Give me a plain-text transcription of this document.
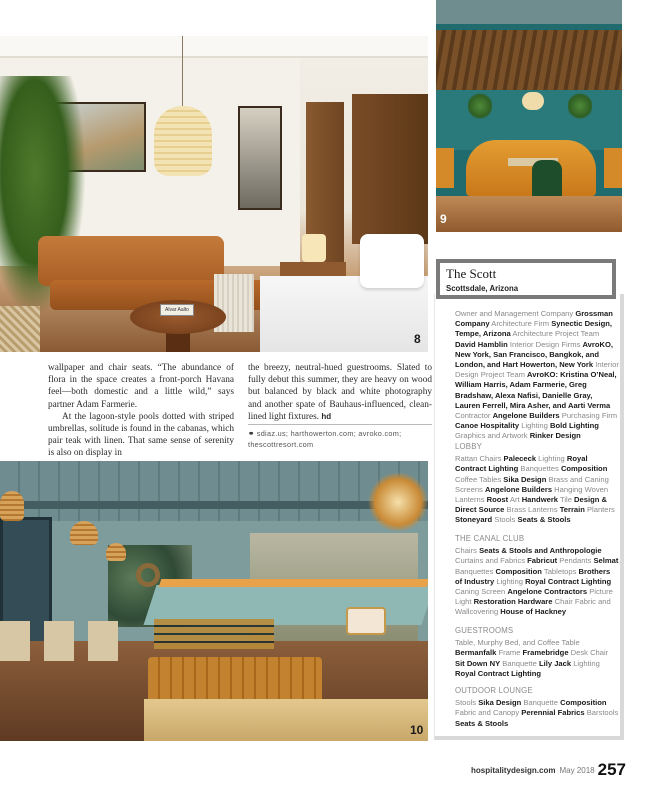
Alvar Aalto
8
9
10

wallpaper and chair seats. “The abundance of flora in the space creates a front-porch Havana feel—both domestic and a little wild,” says partner Adam Farmerie.

At the lagoon-style pools dotted with striped umbrellas, solitude is found in the cabanas, which pair teak with linen. That same sense of serenity is also on display in

the breezy, neutral-hued guestrooms. Slated to fully debut this summer, they are heavy on wood but balanced by black and white photography and another spate of Bauhaus-influenced, clean-lined light fixtures. hd

⚭ sdiaz.us; harthowerton.com; avroko.com; thescottresort.com
The Scott
Scottsdale, Arizona
Owner and Management Company Grossman Company Architecture Firm Synectic Design, Tempe, Arizona Architecture Project Team David Hamblin Interior Design Firms AvroKO, New York, San Francisco, Bangkok, and London, and Hart Howerton, New York Interior Design Project Team AvroKO: Kristina O’Neal, William Harris, Adam Farmerie, Greg Bradshaw, Alexa Nafisi, Danielle Gray, Lauren Ferrell, Mira Asher, and Aarti Verma Contractor Angelone Builders Purchasing Firm Canoe Hospitality Lighting Bold Lighting Graphics and Artwork Rinker Design
LOBBY
Rattan Chairs Palececk Lighting Royal Contract Lighting Banquettes Composition Coffee Tables Sika Design Brass and Caning Screens Angelone Builders Hanging Woven Lanterns Roost Art Handwerk Tile Design & Direct Source Brass Lanterns Terrain Planters Stoneyard Stools Seats & Stools
THE CANAL CLUB
Chairs Seats & Stools and Anthropologie Curtains and Fabrics Fabricut Pendants Selmat Banquettes Composition Tabletops Brothers of Industry Lighting Royal Contract Lighting Caning Screen Angelone Contractors Picture Light Restoration Hardware Chair Fabric and Wallcovering House of Hackney
GUESTROOMS
Table, Murphy Bed, and Coffee Table Bermanfalk Frame Framebridge Desk Chair Sit Down NY Banquette Lily Jack Lighting Royal Contract Lighting
OUTDOOR LOUNGE
Stools Sika Design Banquette Composition Fabric and Canopy Perennial Fabrics Barstools Seats & Stools
hospitalitydesign.com May 2018 257
